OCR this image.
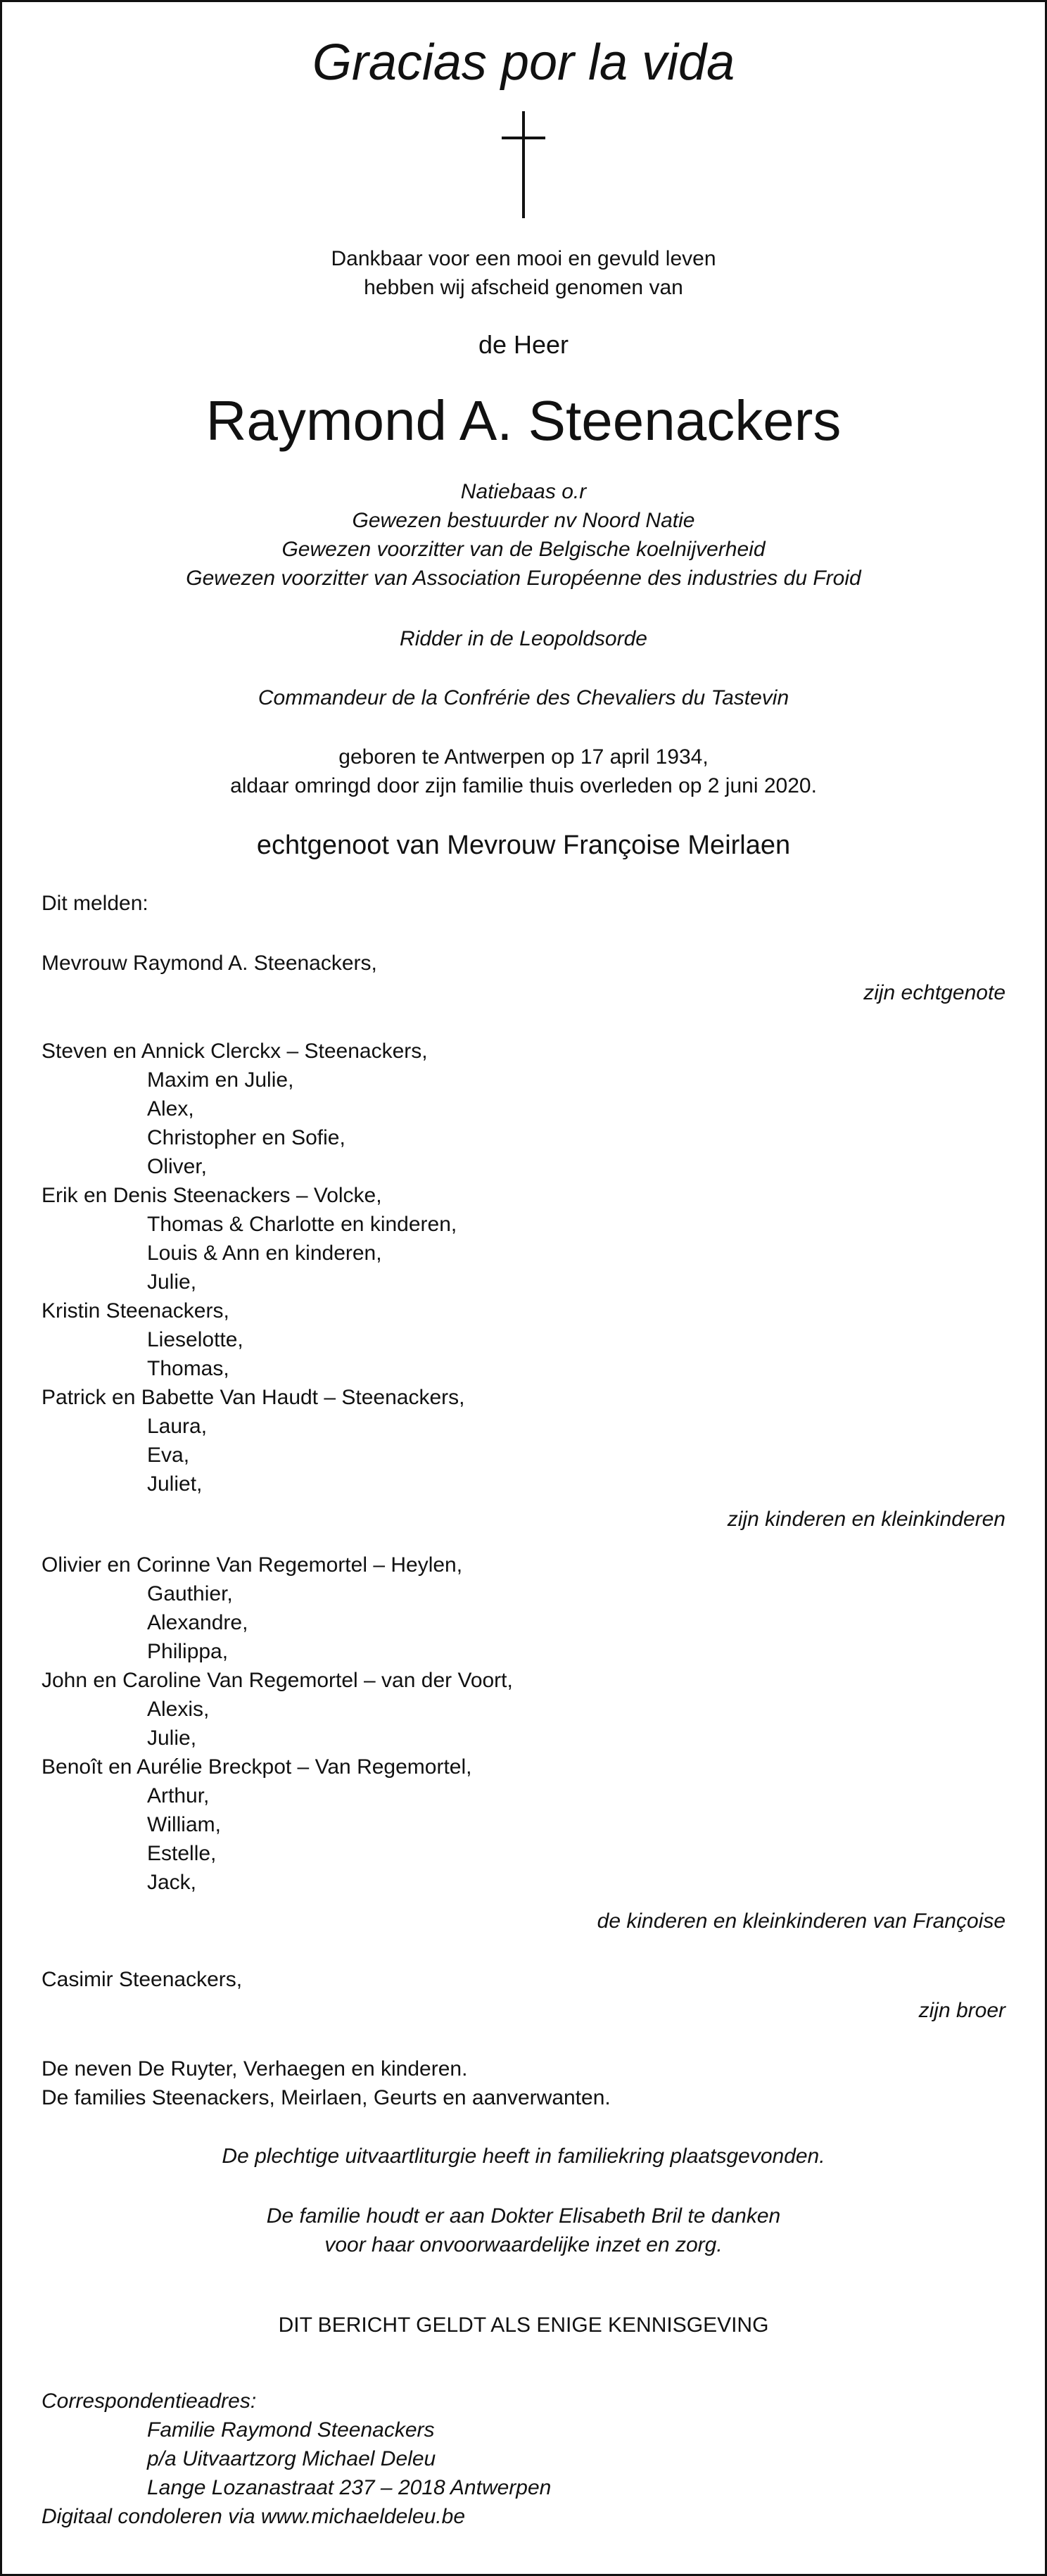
Gracias por la vida
Dankbaar voor een mooi en gevuld leven
hebben wij afscheid genomen van
de Heer
Raymond A. Steenackers
Natiebaas o.r
Gewezen bestuurder nv Noord Natie
Gewezen voorzitter van de Belgische koelnijverheid
Gewezen voorzitter van Association Européenne des industries du Froid
Ridder in de Leopoldsorde
Commandeur de la Confrérie des Chevaliers du Tastevin
geboren te Antwerpen op 17 april 1934,
aldaar omringd door zijn familie thuis overleden op 2 juni 2020.
echtgenoot van Mevrouw Françoise Meirlaen
Dit melden:
Mevrouw Raymond A. Steenackers,
zijn echtgenote
Steven en Annick Clerckx – Steenackers,
Maxim en Julie,
Alex,
Christopher en Sofie,
Oliver,
Erik en Denis Steenackers – Volcke,
Thomas & Charlotte en kinderen,
Louis & Ann en kinderen,
Julie,
Kristin Steenackers,
Lieselotte,
Thomas,
Patrick en Babette Van Haudt – Steenackers,
Laura,
Eva,
Juliet,
zijn kinderen en kleinkinderen
Olivier en Corinne Van Regemortel – Heylen,
Gauthier,
Alexandre,
Philippa,
John en Caroline Van Regemortel – van der Voort,
Alexis,
Julie,
Benoît en Aurélie Breckpot – Van Regemortel,
Arthur,
William,
Estelle,
Jack,
de kinderen en kleinkinderen van Françoise
Casimir Steenackers,
zijn broer
De neven De Ruyter, Verhaegen en kinderen.
De families Steenackers, Meirlaen, Geurts en aanverwanten.
De plechtige uitvaartliturgie heeft in familiekring plaatsgevonden.
De familie houdt er aan Dokter Elisabeth Bril te danken
voor haar onvoorwaardelijke inzet en zorg.
DIT BERICHT GELDT ALS ENIGE KENNISGEVING
Correspondentieadres:
Familie Raymond Steenackers
p/a Uitvaartzorg Michael Deleu
Lange Lozanastraat 237 – 2018 Antwerpen
Digitaal condoleren via www.michaeldeleu.be
